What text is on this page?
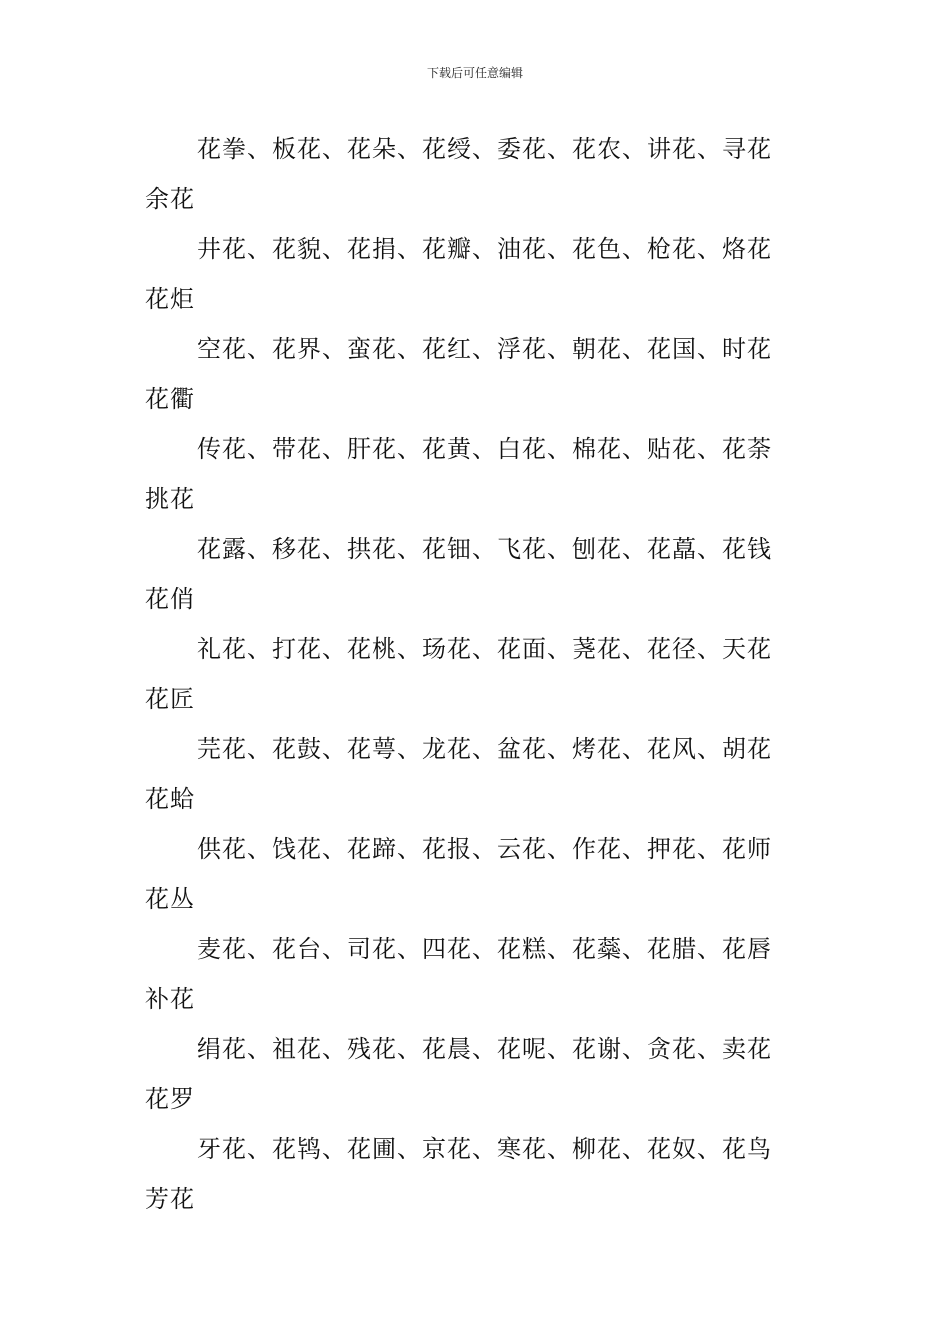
下载后可任意编辑
花拳、板花、花朵、花绶、委花、花农、讲花、寻花
余花
井花、花貌、花捐、花瓣、油花、花色、枪花、烙花
花炬
空花、花界、蛮花、花红、浮花、朝花、花国、时花
花衢
传花、带花、肝花、花黄、白花、棉花、贴花、花荼
挑花
花露、移花、拱花、花钿、飞花、刨花、花藠、花钱
花俏
礼花、打花、花桃、玚花、花面、荛花、花径、天花
花匠
芫花、花鼓、花萼、龙花、盆花、烤花、花风、胡花
花蛤
供花、饯花、花蹄、花报、云花、作花、押花、花师
花丛
麦花、花台、司花、四花、花糕、花蘂、花腊、花唇
补花
绢花、祖花、残花、花晨、花呢、花谢、贪花、卖花
花罗
牙花、花鸨、花圃、京花、寒花、柳花、花奴、花鸟
芳花
